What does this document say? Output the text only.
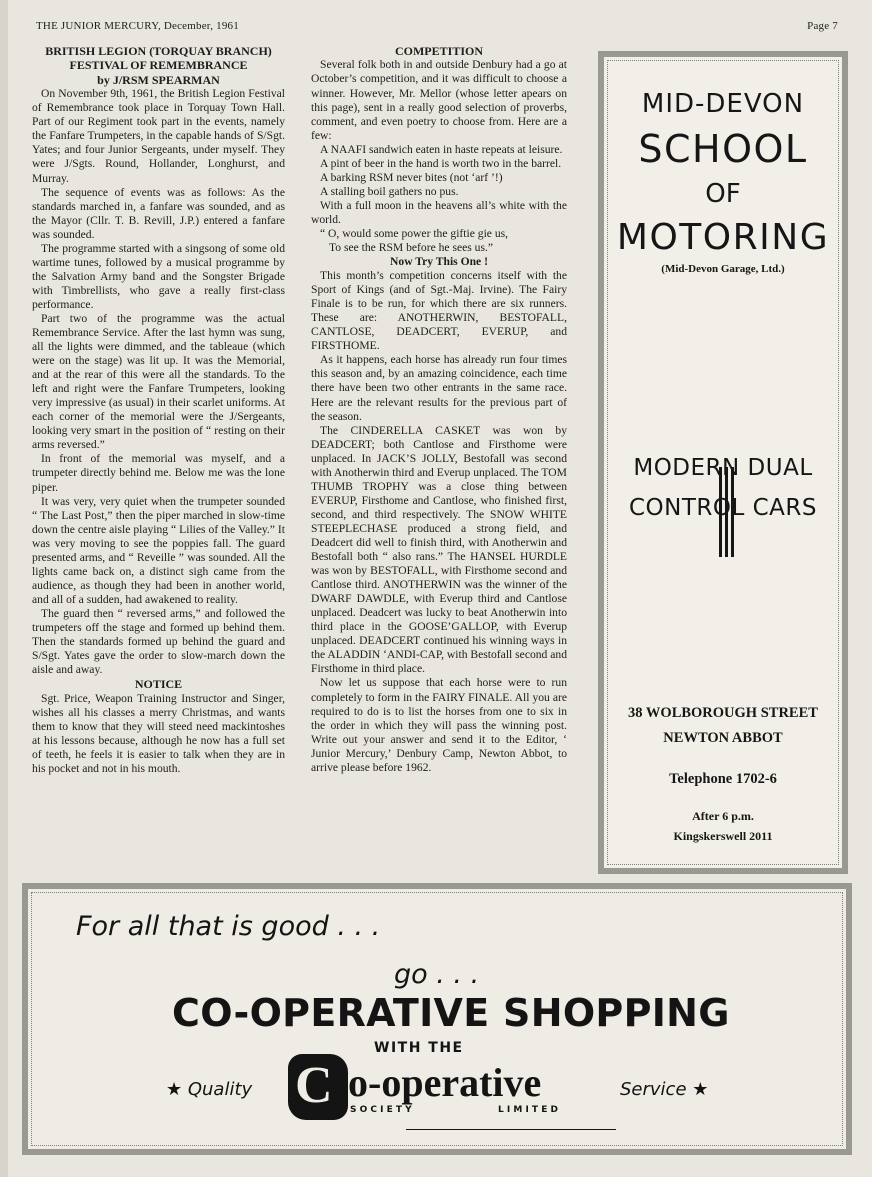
THE JUNIOR MERCURY, December, 1961	Page 7
BRITISH LEGION (TORQUAY BRANCH)
FESTIVAL OF REMEMBRANCE
by J/RSM SPEARMAN

On November 9th, 1961, the British Legion Festival of Remembrance took place in Torquay Town Hall. Part of our Regiment took part in the events, namely the Fanfare Trumpeters, in the capable hands of S/Sgt. Yates; and four Junior Sergeants, under myself. They were J/Sgts. Round, Hollander, Longhurst, and Murray.

The sequence of events was as follows: As the standards marched in, a fanfare was sounded, and as the Mayor (Cllr. T. B. Revill, J.P.) entered a fanfare was sounded.

The programme started with a singsong of some old wartime tunes, followed by a musical programme by the Salvation Army band and the Songster Brigade with Timbrellists, who gave a really first-class performance.

Part two of the programme was the actual Remembrance Service. After the last hymn was sung, all the lights were dimmed, and the tableaue (which were on the stage) was lit up. It was the Memorial, and at the rear of this were all the standards. To the left and right were the Fanfare Trumpeters, looking very impressive (as usual) in their scarlet uniforms. At each corner of the memorial were the J/Sergeants, looking very smart in the position of “ resting on their arms reversed.”

In front of the memorial was myself, and a trumpeter directly behind me. Below me was the lone piper.

It was very, very quiet when the trumpeter sounded “ The Last Post,” then the piper marched in slow-time down the centre aisle playing “ Lilies of the Valley.” It was very moving to see the poppies fall. The guard presented arms, and “ Reveille ” was sounded. All the lights came back on, a distinct sigh came from the audience, as though they had been in another world, and all of a sudden, had awakened to reality.

The guard then “ reversed arms,” and followed the trumpeters off the stage and formed up behind them. Then the standards formed up behind the guard and S/Sgt. Yates gave the order to slow-march down the aisle and away.

NOTICE

Sgt. Price, Weapon Training Instructor and Singer, wishes all his classes a merry Christmas, and wants them to know that they will steed need mackintoshes at his lessons because, although he now has a full set of teeth, he feels it is easier to talk when they are in his pocket and not in his mouth.

COMPETITION

Several folk both in and outside Denbury had a go at October’s competition, and it was difficult to choose a winner. However, Mr. Mellor (whose letter apears on this page), sent in a really good selection of proverbs, comment, and even poetry to choose from. Here are a few:

A NAAFI sandwich eaten in haste repeats at leisure.

A pint of beer in the hand is worth two in the barrel.

A barking RSM never bites (not ‘arf ’!)

A stalling boil gathers no pus.

With a full moon in the heavens all’s white with the world.

“ O, would some power the giftie gie us,

To see the RSM before he sees us.”

Now Try This One !

This month’s competition concerns itself with the Sport of Kings (and of Sgt.-Maj. Irvine). The Fairy Finale is to be run, for which there are six runners. These are: ANOTHERWIN, BESTOFALL, CANTLOSE, DEADCERT, EVERUP, and FIRSTHOME.

As it happens, each horse has already run four times this season and, by an amazing coincidence, each time there have been two other entrants in the same race. Here are the relevant results for the previous part of the season.

The CINDERELLA CASKET was won by DEADCERT; both Cantlose and Firsthome were unplaced. In JACK’S JOLLY, Bestofall was second with Anotherwin third and Everup unplaced. The TOM THUMB TROPHY was a close thing between EVERUP, Firsthome and Cantlose, who finished first, second, and third respectively. The SNOW WHITE STEEPLECHASE produced a strong field, and Deadcert did well to finish third, with Anotherwin and Bestofall both “ also rans.” The HANSEL HURDLE was won by BESTOFALL, with Firsthome second and Cantlose third. ANOTHERWIN was the winner of the DWARF DAWDLE, with Everup third and Cantlose unplaced. Deadcert was lucky to beat Anotherwin into third place in the GOOSE’GALLOP, with Everup unplaced. DEADCERT continued his winning ways in the ALADDIN ‘ANDI-CAP, with Bestofall second and Firsthome in third place.

Now let us suppose that each horse were to run completely to form in the FAIRY FINALE. All you are required to do is to list the horses from one to six in the order in which they will pass the winning post. Write out your answer and send it to the Editor, ‘ Junior Mercury,’ Denbury Camp, Newton Abbot, to arrive please before 1962.

MID-DEVON
SCHOOL
OF
MOTORING
(Mid-Devon Garage, Ltd.)
MODERN DUAL
CONTROL CARS
38 WOLBOROUGH STREET
NEWTON ABBOT
Telephone 1702-6
After 6 p.m.
Kingskerswell 2011
For all that is good . . .
go . . .
CO-OPERATIVE SHOPPING
WITH THE
★ Quality C o-operative
S O C I E T Y	L I M I T E D
Service ★
